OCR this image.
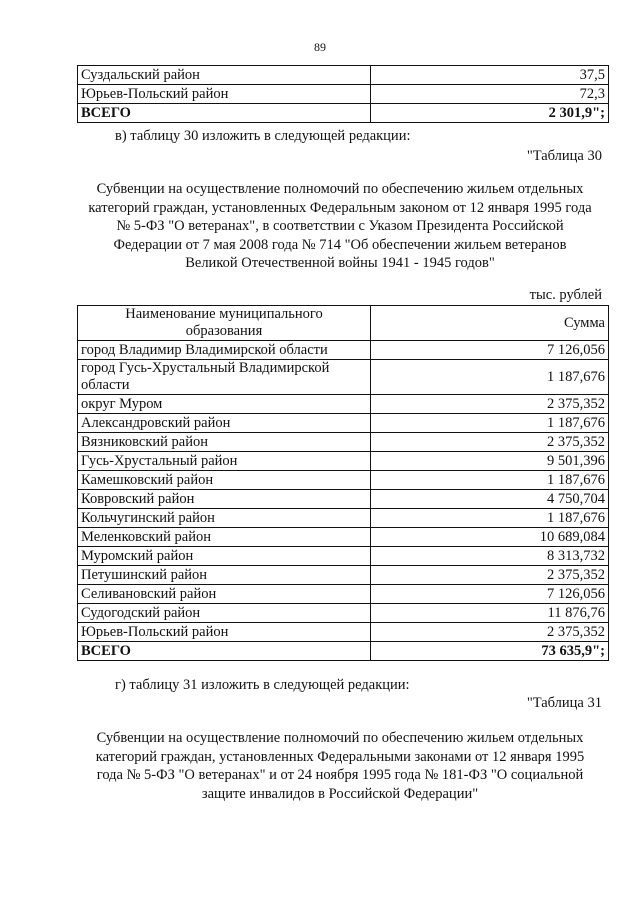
89
Суздальский район	37,5
Юрьев-Польский район	72,3
ВСЕГО	2 301,9";
в) таблицу 30 изложить в следующей редакции:
"Таблица 30
Субвенции на осуществление полномочий по обеспечению жильем отдельных
категорий граждан, установленных Федеральным законом от 12 января 1995 года
№ 5-ФЗ "О ветеранах", в соответствии с Указом Президента Российской
Федерации от 7 мая 2008 года № 714 "Об обеспечении жильем ветеранов
Великой Отечественной войны 1941 - 1945 годов"
тыс. рублей
Наименование муниципального
образования	Сумма
город Владимир Владимирской области	7 126,056
город Гусь-Хрустальный Владимирской области	1 187,676
округ Муром	2 375,352
Александровский район	1 187,676
Вязниковский район	2 375,352
Гусь-Хрустальный район	9 501,396
Камешковский район	1 187,676
Ковровский район	4 750,704
Кольчугинский район	1 187,676
Меленковский район	10 689,084
Муромский район	8 313,732
Петушинский район	2 375,352
Селивановский район	7 126,056
Судогодский район	11 876,76
Юрьев-Польский район	2 375,352
ВСЕГО	73 635,9";
г) таблицу 31 изложить в следующей редакции:
"Таблица 31
Субвенции на осуществление полномочий по обеспечению жильем отдельных
категорий граждан, установленных Федеральными законами от 12 января 1995
года № 5-ФЗ "О ветеранах" и от 24 ноября 1995 года № 181-ФЗ "О социальной
защите инвалидов в Российской Федерации"
